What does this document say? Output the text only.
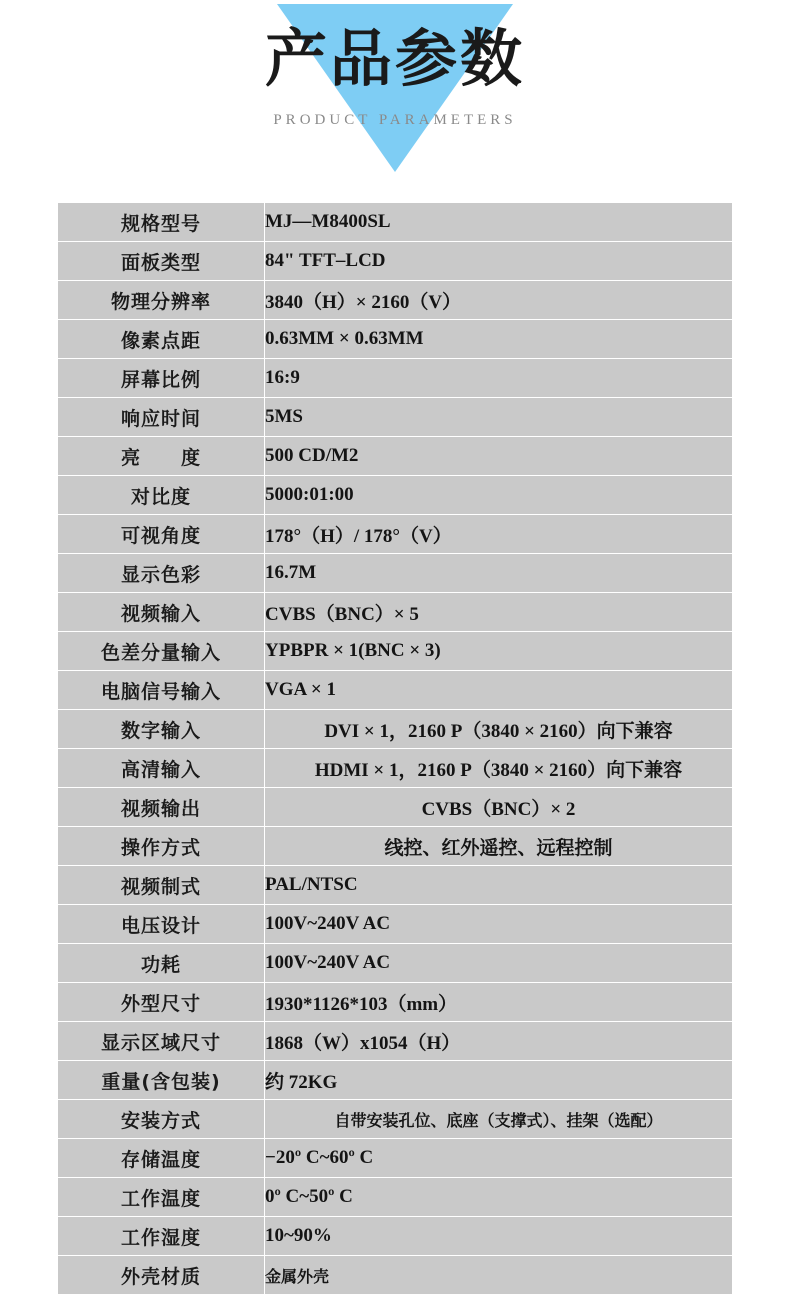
产品参数
PRODUCT PARAMETERS
规格型号	MJ—M8400SL
面板类型	84" TFT–LCD
物理分辨率	3840（H）× 2160（V）
像素点距	0.63MM × 0.63MM
屏幕比例	16:9
响应时间	5MS
亮　　度	500 CD/M2
对比度	5000:01:00
可视角度	178°（H）/ 178°（V）
显示色彩	16.7M
视频输入	CVBS（BNC）× 5
色差分量输入	YPBPR × 1(BNC × 3)
电脑信号输入	VGA × 1
数字输入	DVI × 1，2160 P（3840 × 2160）向下兼容
高清输入	HDMI × 1，2160 P（3840 × 2160）向下兼容
视频输出	CVBS（BNC）× 2
操作方式	线控、红外遥控、远程控制
视频制式	PAL/NTSC
电压设计	100V~240V AC
功耗	100V~240V AC
外型尺寸	1930*1126*103（mm）
显示区域尺寸	1868（W）x1054（H）
重量(含包装)	约 72KG
安装方式	自带安装孔位、底座（支撑式）、挂架（选配）
存储温度	−20º C~60º C
工作温度	0º C~50º C
工作湿度	10~90%
外壳材质	金属外壳
